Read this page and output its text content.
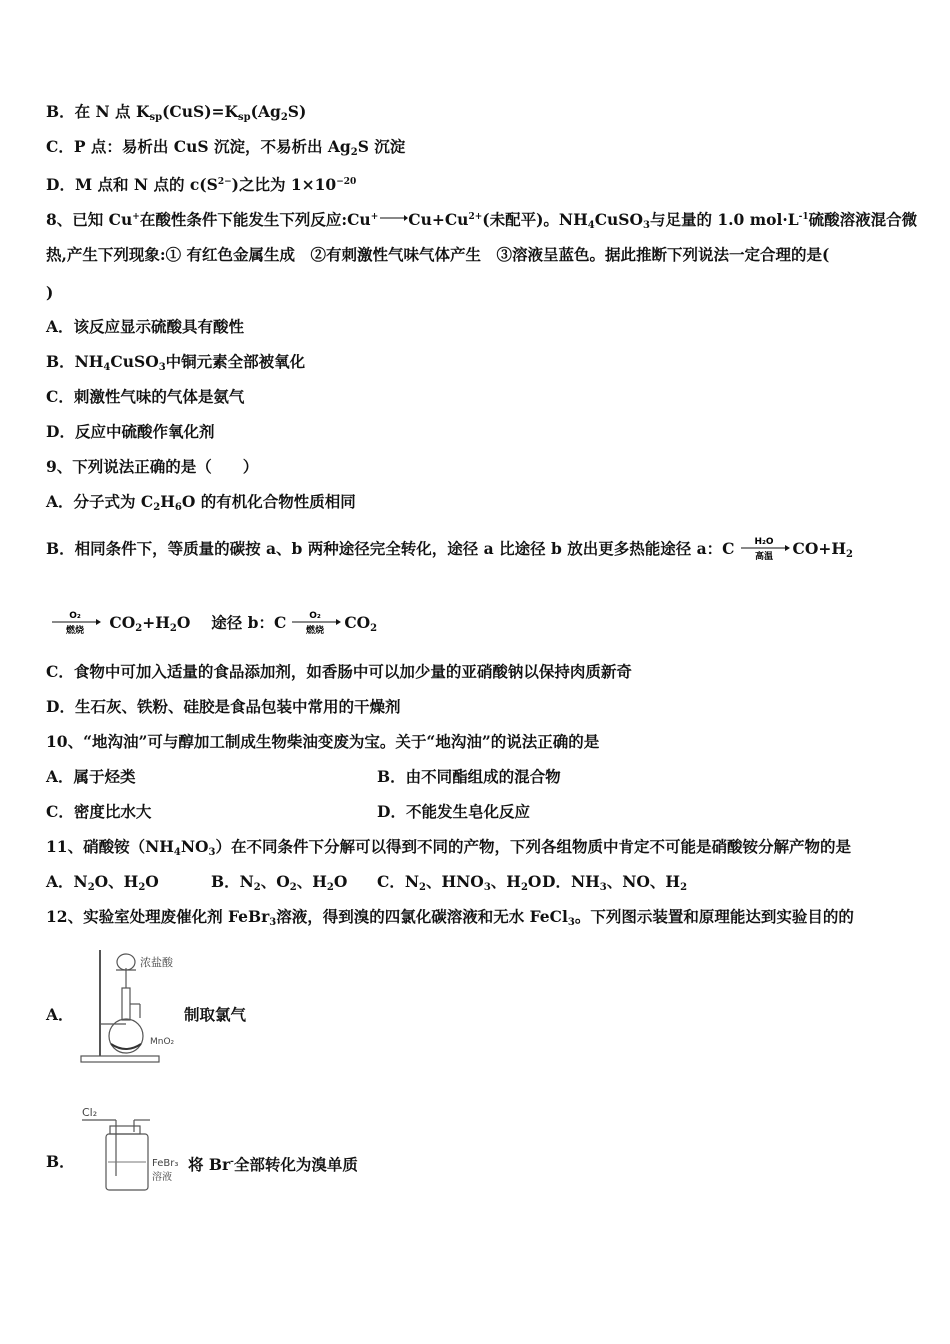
B．在 N 点 $K_{sp}(CuS)=K_{sp}(Ag_2S)$
C．P 点：易析出 CuS 沉淀，不易析出 $Ag_2S$ 沉淀
D．M 点和 N 点的 $c(S^{2-})$之比为 $1\times 10^{-20}$
8、已知 Cu+在酸性条件下能发生下列反应$:Cu^+\to Cu+Cu^{2+}$(未配平)。$NH_4CuSO_3$与足量的 1.0 $mol\cdot L^{-1}$硫酸溶液混合微
热,产生下列现象:① 有红色金属生成　②有刺激性气味气体产生　③溶液呈蓝色。据此推断下列说法一定合理的是(
)
A．该反应显示硫酸具有酸性
B．$NH_4CuSO_3$中铜元素全部被氧化
C．刺激性气味的气体是氨气
D．反应中硫酸作氧化剂
9、下列说法正确的是（　　）
A．分子式为 $C_2H_6O$ 的有机化合物性质相同
B．相同条件下，等质量的碳按 a、b 两种途径完全转化，途径 a 比途径 b 放出更多热能途径 a：C H₂O
高温 $CO+H_2$
O₂
燃烧 $CO_2+H_2O$　 途径 b：C	O₂
燃烧 $CO_2$
C．食物中可加入适量的食品添加剂，如香肠中可以加少量的亚硝酸钠以保持肉质新奇
D．生石灰、铁粉、硅胶是食品包装中常用的干燥剂
10、“地沟油”可与醇加工制成生物柴油变废为宝。关于“地沟油”的说法正确的是
A．属于烃类	B．由不同酯组成的混合物
C．密度比水大	D．不能发生皂化反应
11、硝酸铵$(NH_4NO_3)$在不同条件下分解可以得到不同的产物，下列各组物质中肯定不可能是硝酸铵分解产物的是
A．$N_2O$、$H_2O$	B．$N_2$、$O_2$、$H_2O$ C．$N_2$、$HNO_3$、$H_2O$ D．$NH_3$、NO、$H_2$
12、实验室处理废催化剂 FeBr$_3$溶液，得到溴的四氯化碳溶液和无水 FeCl$_3$。下列图示装置和原理能达到实验目的的
A．
浓盐酸
MnO₂
制取氯气
B．
Cl₂
FeBr₃
溶液
将 Br-全部转化为溴单质
